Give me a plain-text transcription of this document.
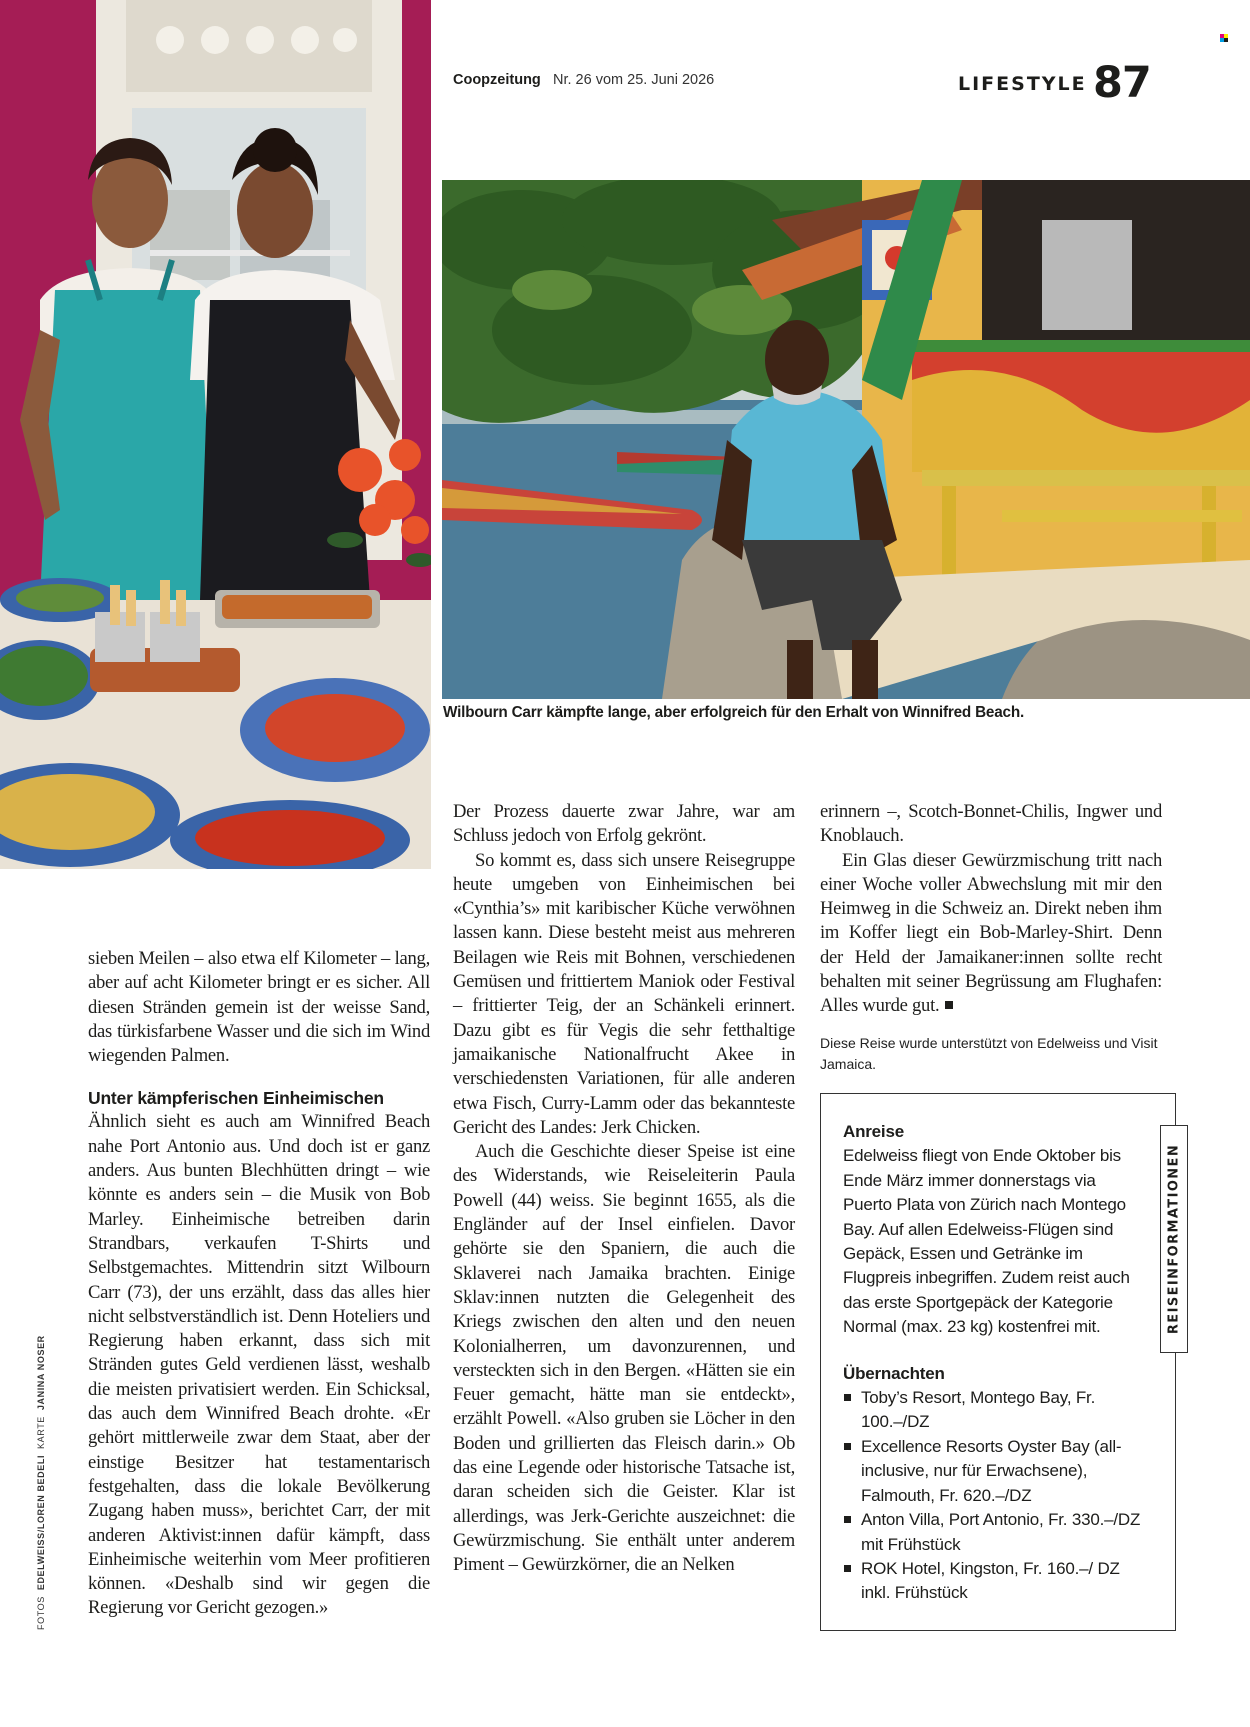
Coopzeitung Nr. 26 vom 25. Juni 2026	LIFESTYLE 87
Wilbourn Carr kämpfte lange, aber erfolgreich für den Erhalt von Winnifred Beach.

sieben Meilen – also etwa elf Kilometer – lang, aber auf acht Kilometer bringt er es sicher. All diesen Stränden gemein ist der weisse Sand, das türkisfarbene Wasser und die sich im Wind wiegenden Palmen.

Unter kämpferischen Einheimischen

Ähnlich sieht es auch am Winnifred Beach nahe Port Antonio aus. Und doch ist er ganz anders. Aus bunten Blechhütten dringt – wie könnte es anders sein – die Musik von Bob Marley. Einheimische betreiben darin Strandbars, verkaufen T-Shirts und Selbstgemachtes. Mittendrin sitzt Wilbourn Carr (73), der uns erzählt, dass das alles hier nicht selbstverständlich ist. Denn Hoteliers und Regierung haben erkannt, dass sich mit Stränden gutes Geld verdienen lässt, weshalb die meisten privatisiert werden. Ein Schicksal, das auch dem Winnifred Beach drohte. «Er gehört mittlerweile zwar dem Staat, aber der einstige Besitzer hat testamentarisch festgehalten, dass die lokale Bevölkerung Zugang haben muss», berichtet Carr, der mit anderen Aktivist:innen dafür kämpft, dass Einheimische weiterhin vom Meer profitieren können. «Deshalb sind wir gegen die Regierung vor Gericht gezogen.»

Der Prozess dauerte zwar Jahre, war am Schluss jedoch von Erfolg gekrönt.

So kommt es, dass sich unsere Reisegruppe heute umgeben von Einheimischen bei «Cynthia’s» mit karibischer Küche verwöhnen lassen kann. Diese besteht meist aus mehreren Beilagen wie Reis mit Bohnen, verschiedenen Gemüsen und frittiertem Maniok oder Festival – frittierter Teig, der an Schänkeli erinnert. Dazu gibt es für Vegis die sehr fetthaltige jamaikanische Nationalfrucht Akee in verschiedensten Variationen, für alle anderen etwa Fisch, Curry-Lamm oder das bekannteste Gericht des Landes: Jerk Chicken.

Auch die Geschichte dieser Speise ist eine des Widerstands, wie Reiseleiterin Paula Powell (44) weiss. Sie beginnt 1655, als die Engländer auf der Insel einfielen. Davor gehörte sie den Spaniern, die auch die Sklaverei nach Jamaika brachten. Einige Sklav:innen nutzten die Gelegenheit des Kriegs zwischen den alten und den neuen Kolonialherren, um davonzurennen, und versteckten sich in den Bergen. «Hätten sie ein Feuer gemacht, hätte man sie entdeckt», erzählt Powell. «Also gruben sie Löcher in den Boden und grillierten das Fleisch darin.» Ob das eine Legende oder historische Tatsache ist, daran scheiden sich die Geister. Klar ist allerdings, was Jerk-Gerichte auszeichnet: die Gewürzmischung. Sie enthält unter anderem Piment – Gewürzkörner, die an Nelken

erinnern –, Scotch-Bonnet-Chilis, Ingwer und Knoblauch.

Ein Glas dieser Gewürzmischung tritt nach einer Woche voller Abwechslung mit mir den Heimweg in die Schweiz an. Direkt neben ihm im Koffer liegt ein Bob-Marley-Shirt. Denn der Held der Jamaikaner:innen sollte recht behalten mit seiner Begrüssung am Flughafen: Alles wurde gut.

Diese Reise wurde unterstützt von Edelweiss und Visit Jamaica.
Anreise

Edelweiss fliegt von Ende Oktober bis Ende März immer donnerstags via Puerto Plata von Zürich nach Montego Bay. Auf allen Edelweiss-Flügen sind Gepäck, Essen und Getränke im Flugpreis inbegriffen. Zudem reist auch das erste Sportgepäck der Kategorie Normal (max. 23 kg) kostenfrei mit.

Übernachten
Toby’s Resort, Montego Bay, Fr. 100.–/DZ
Excellence Resorts Oyster Bay (all-inclusive, nur für Erwachsene), Falmouth, Fr. 620.–/DZ
Anton Villa, Port Antonio, Fr. 330.–/DZ mit Frühstück
ROK Hotel, Kingston, Fr. 160.–/ DZ inkl. Frühstück
REISEINFORMATIONEN
FOTOSEDELWEISS/LOREN BEDELIKARTEJANINA NOSER
